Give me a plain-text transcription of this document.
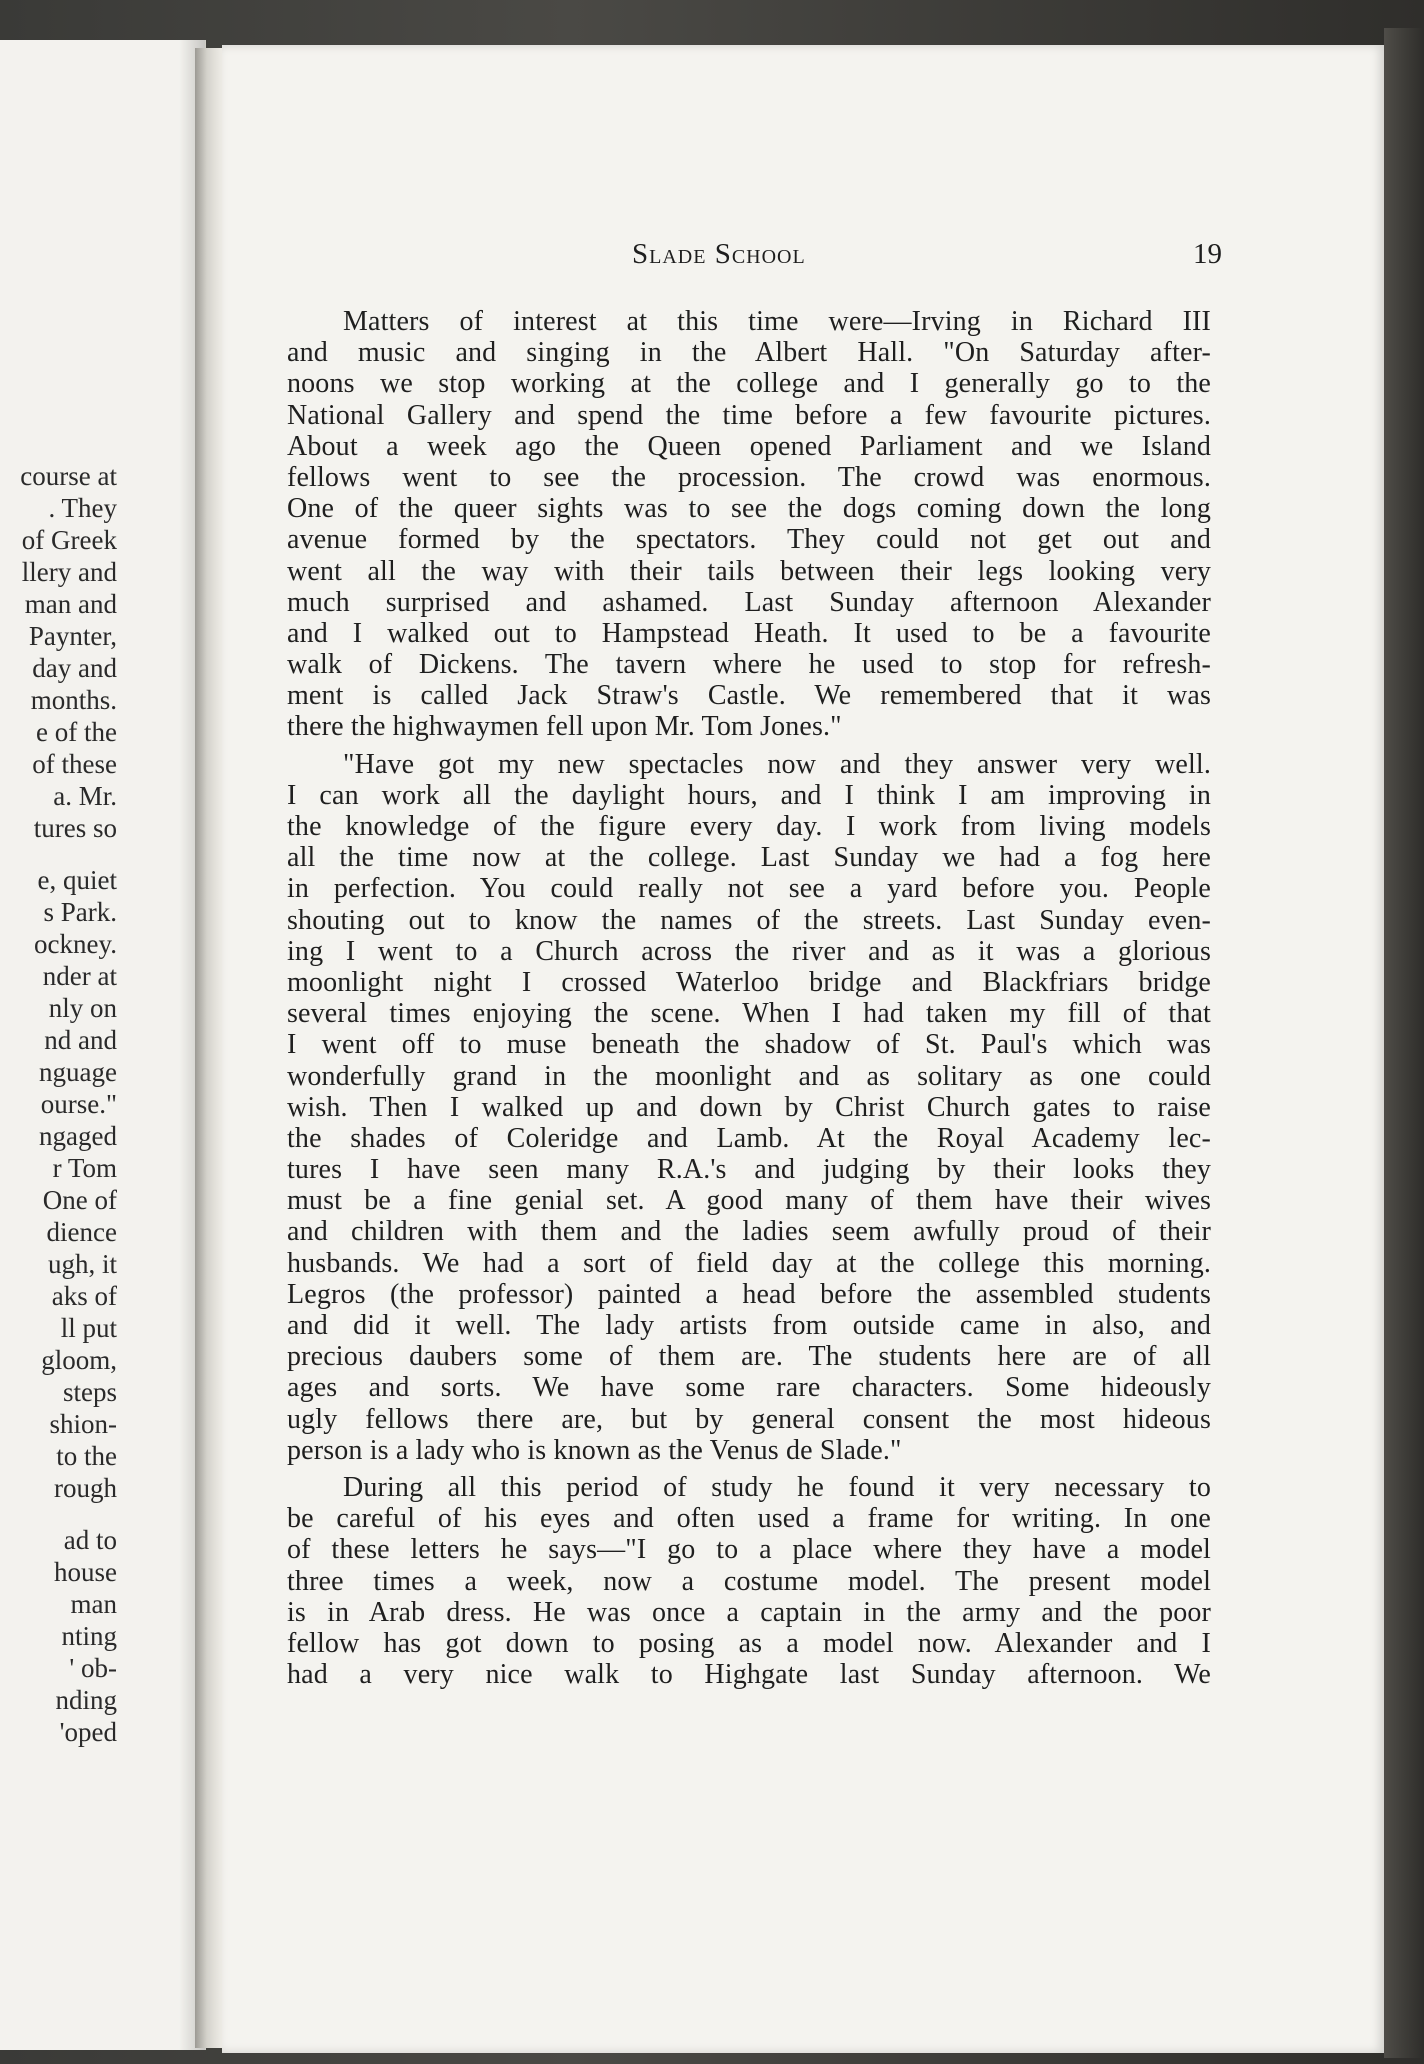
course at
. They
of Greek
llery and
man and
Paynter,
day and
months.
e of the
of these
a. Mr.
tures so
e, quiet
s Park.
ockney.
nder at
nly on
nd and
nguage
ourse."
ngaged
r Tom
One of
dience
ugh, it
aks of
ll put
gloom,
steps
shion-
to the
rough
ad to
house
man
nting
' ob-
nding
'oped
Slade School	19
Matters of interest at this time were—Irving in Richard III
and music and singing in the Albert Hall. "On Saturday after-
noons we stop working at the college and I generally go to the
National Gallery and spend the time before a few favourite pictures.
About a week ago the Queen opened Parliament and we Island
fellows went to see the procession. The crowd was enormous.
One of the queer sights was to see the dogs coming down the long
avenue formed by the spectators. They could not get out and
went all the way with their tails between their legs looking very
much surprised and ashamed. Last Sunday afternoon Alexander
and I walked out to Hampstead Heath. It used to be a favourite
walk of Dickens. The tavern where he used to stop for refresh-
ment is called Jack Straw's Castle. We remembered that it was
there the highwaymen fell upon Mr. Tom Jones."
"Have got my new spectacles now and they answer very well.
I can work all the daylight hours, and I think I am improving in
the knowledge of the figure every day. I work from living models
all the time now at the college. Last Sunday we had a fog here
in perfection. You could really not see a yard before you. People
shouting out to know the names of the streets. Last Sunday even-
ing I went to a Church across the river and as it was a glorious
moonlight night I crossed Waterloo bridge and Blackfriars bridge
several times enjoying the scene. When I had taken my fill of that
I went off to muse beneath the shadow of St. Paul's which was
wonderfully grand in the moonlight and as solitary as one could
wish. Then I walked up and down by Christ Church gates to raise
the shades of Coleridge and Lamb. At the Royal Academy lec-
tures I have seen many R.A.'s and judging by their looks they
must be a fine genial set. A good many of them have their wives
and children with them and the ladies seem awfully proud of their
husbands. We had a sort of field day at the college this morning.
Legros (the professor) painted a head before the assembled students
and did it well. The lady artists from outside came in also, and
precious daubers some of them are. The students here are of all
ages and sorts. We have some rare characters. Some hideously
ugly fellows there are, but by general consent the most hideous
person is a lady who is known as the Venus de Slade."
During all this period of study he found it very necessary to
be careful of his eyes and often used a frame for writing. In one
of these letters he says—"I go to a place where they have a model
three times a week, now a costume model. The present model
is in Arab dress. He was once a captain in the army and the poor
fellow has got down to posing as a model now. Alexander and I
had a very nice walk to Highgate last Sunday afternoon. We
